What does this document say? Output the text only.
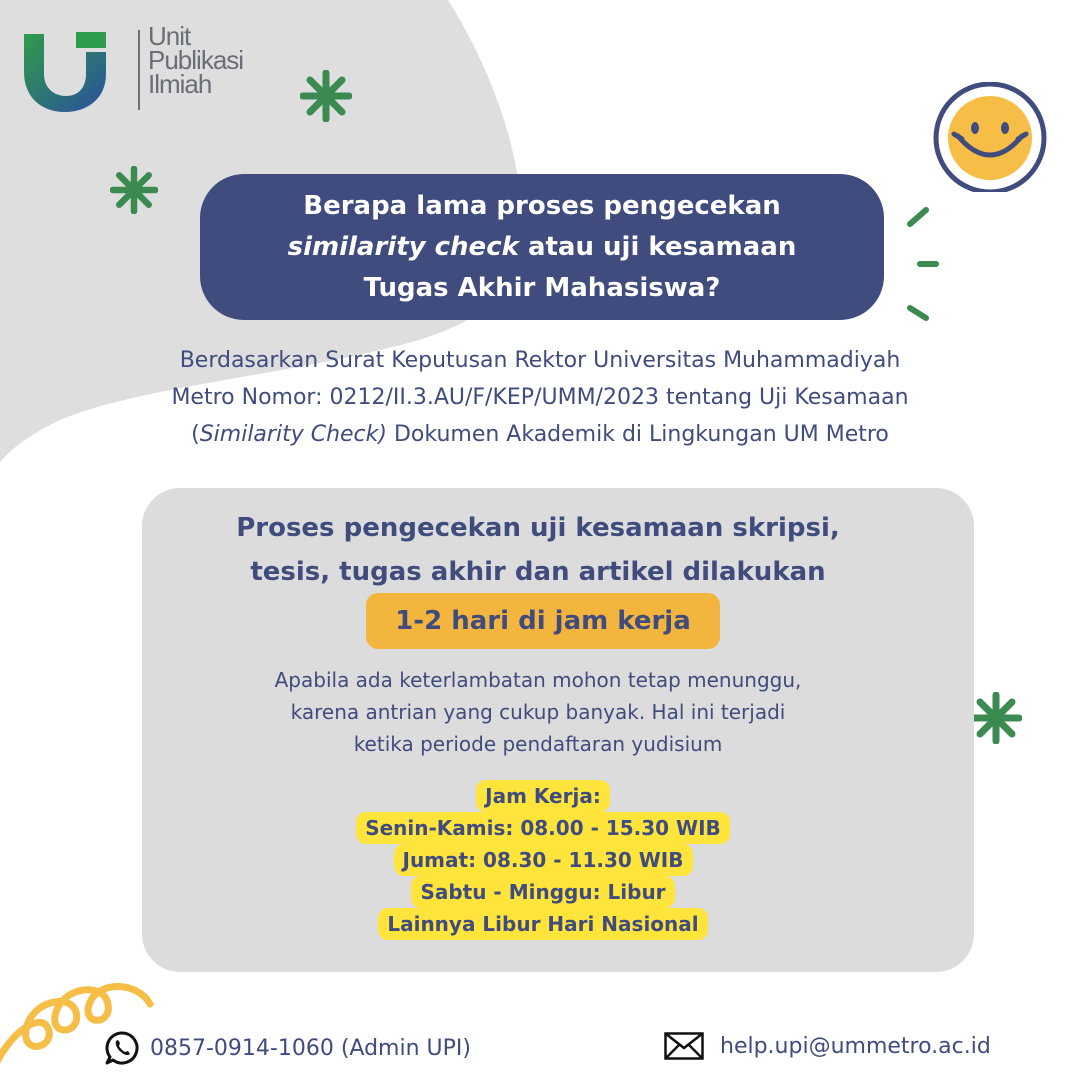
Unit
Publikasi
Ilmiah
Berapa lama proses pengecekan
similarity check atau uji kesamaan
Tugas Akhir Mahasiswa?

Berdasarkan Surat Keputusan Rektor Universitas Muhammadiyah
Metro Nomor: 0212/II.3.AU/F/KEP/UMM/2023 tentang Uji Kesamaan
(Similarity Check) Dokumen Akademik di Lingkungan UM Metro

Proses pengecekan uji kesamaan skripsi,
tesis, tugas akhir dan artikel dilakukan
1-2 hari di jam kerja

Apabila ada keterlambatan mohon tetap menunggu,
karena antrian yang cukup banyak. Hal ini terjadi
ketika periode pendaftaran yudisium

Jam Kerja:
Senin-Kamis: 08.00 - 15.30 WIB
Jumat: 08.30 - 11.30 WIB
Sabtu - Minggu: Libur
Lainnya Libur Hari Nasional
0857-0914-1060 (Admin UPI)	help.upi@ummetro.ac.id
